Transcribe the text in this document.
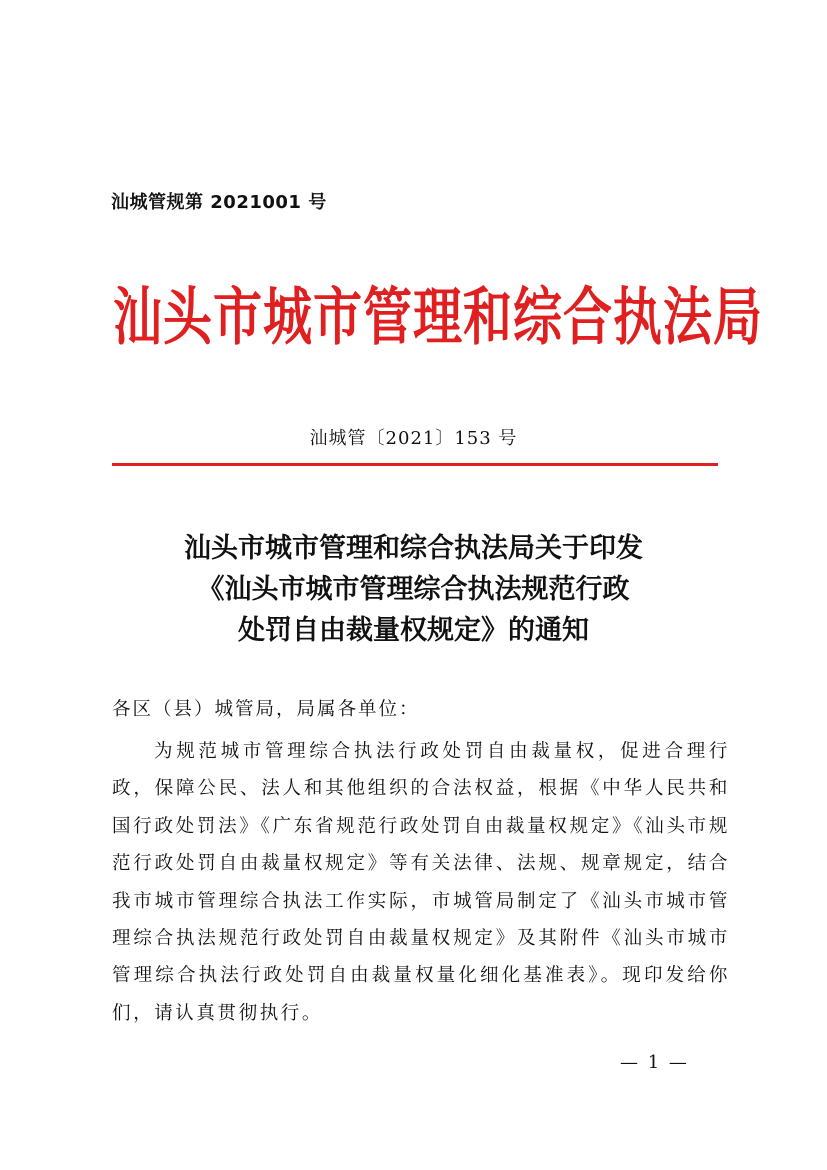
汕城管规第 2021001 号
汕头市城市管理和综合执法局
汕城管〔2021〕153 号
汕头市城市管理和综合执法局关于印发
《汕头市城市管理综合执法规范行政
处罚自由裁量权规定》的通知
各区（县）城管局，局属各单位：
为规范城市管理综合执法行政处罚自由裁量权，促进合理行政，保障公民、法人和其他组织的合法权益，根据《中华人民共和国行政处罚法》《广东省规范行政处罚自由裁量权规定》《汕头市规范行政处罚自由裁量权规定》等有关法律、法规、规章规定，结合我市城市管理综合执法工作实际，市城管局制定了《汕头市城市管理综合执法规范行政处罚自由裁量权规定》及其附件《汕头市城市管理综合执法行政处罚自由裁量权量化细化基准表》。现印发给你们，请认真贯彻执行。
— 1 —
